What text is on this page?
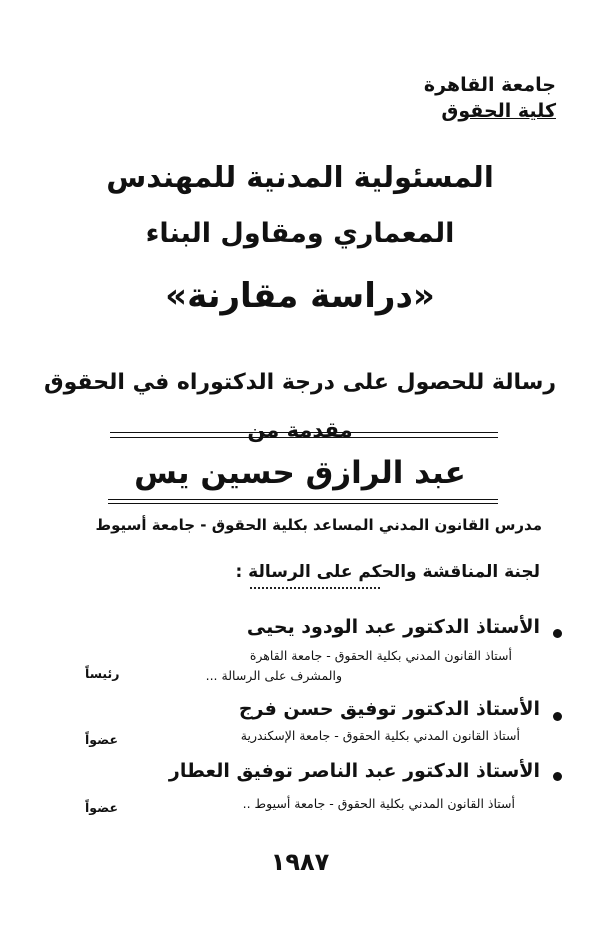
جامعة القاهرة
كلية الحقوق
المسئولية المدنية للمهندس
المعماري ومقاول البناء
«دراسة مقارنة»
رسالة للحصول على درجة الدكتوراه في الحقوق
مقدمة من
عبد الرازق حسين يس
مدرس القانون المدني المساعد بكلية الحقوق - جامعة أسيوط
لجنة المناقشة والحكم على الرسالة :
الأستاذ الدكتور عبد الودود يحيى
أستاذ القانون المدني بكلية الحقوق - جامعة القاهرة
والمشرف على الرسالة ...
رئيساً
الأستاذ الدكتور توفيق حسن فرج
أستاذ القانون المدني بكلية الحقوق - جامعة الإسكندرية
عضواً
الأستاذ الدكتور عبد الناصر توفيق العطار
أستاذ القانون المدني بكلية الحقوق - جامعة أسيوط ..
عضواً
١٩٨٧
